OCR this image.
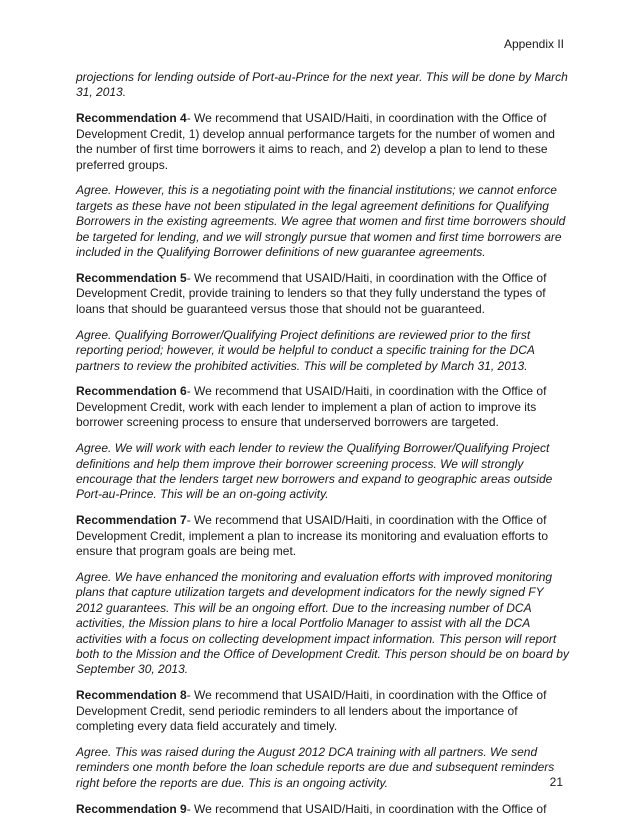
Appendix II

projections for lending outside of Port-au-Prince for the next year. This will be done by March 31, 2013.

Recommendation 4- We recommend that USAID/Haiti, in coordination with the Office of Development Credit, 1) develop annual performance targets for the number of women and the number of first time borrowers it aims to reach, and 2) develop a plan to lend to these preferred groups.

Agree. However, this is a negotiating point with the financial institutions; we cannot enforce targets as these have not been stipulated in the legal agreement definitions for Qualifying Borrowers in the existing agreements. We agree that women and first time borrowers should be targeted for lending, and we will strongly pursue that women and first time borrowers are included in the Qualifying Borrower definitions of new guarantee agreements.

Recommendation 5- We recommend that USAID/Haiti, in coordination with the Office of Development Credit, provide training to lenders so that they fully understand the types of loans that should be guaranteed versus those that should not be guaranteed.

Agree. Qualifying Borrower/Qualifying Project definitions are reviewed prior to the first reporting period; however, it would be helpful to conduct a specific training for the DCA partners to review the prohibited activities. This will be completed by March 31, 2013.

Recommendation 6- We recommend that USAID/Haiti, in coordination with the Office of Development Credit, work with each lender to implement a plan of action to improve its borrower screening process to ensure that underserved borrowers are targeted.

Agree. We will work with each lender to review the Qualifying Borrower/Qualifying Project definitions and help them improve their borrower screening process. We will strongly encourage that the lenders target new borrowers and expand to geographic areas outside Port-au-Prince. This will be an on-going activity.

Recommendation 7- We recommend that USAID/Haiti, in coordination with the Office of Development Credit, implement a plan to increase its monitoring and evaluation efforts to ensure that program goals are being met.

Agree. We have enhanced the monitoring and evaluation efforts with improved monitoring plans that capture utilization targets and development indicators for the newly signed FY 2012 guarantees. This will be an ongoing effort. Due to the increasing number of DCA activities, the Mission plans to hire a local Portfolio Manager to assist with all the DCA activities with a focus on collecting development impact information. This person will report both to the Mission and the Office of Development Credit. This person should be on board by September 30, 2013.

Recommendation 8- We recommend that USAID/Haiti, in coordination with the Office of Development Credit, send periodic reminders to all lenders about the importance of completing every data field accurately and timely.

Agree. This was raised during the August 2012 DCA training with all partners. We send reminders one month before the loan schedule reports are due and subsequent reminders right before the reports are due. This is an ongoing activity.

Recommendation 9- We recommend that USAID/Haiti, in coordination with the Office of

21
